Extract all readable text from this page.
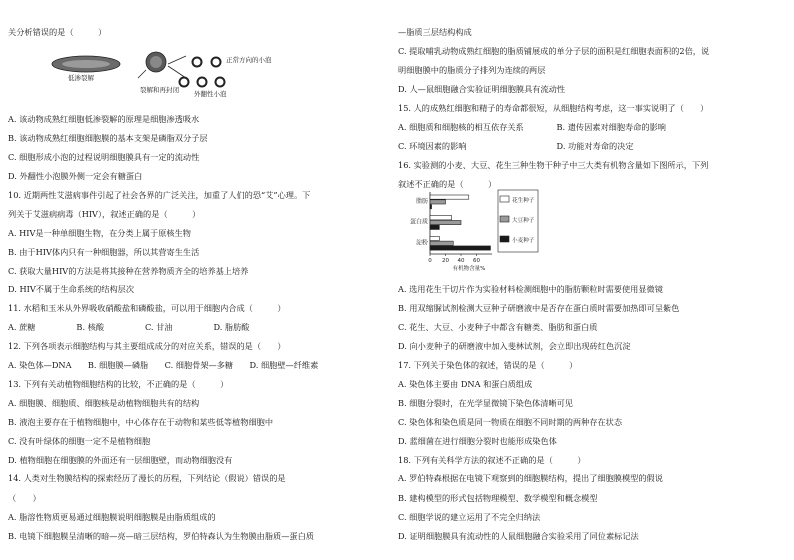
关分析错误的是（　　　）
A. 该动物成熟红细胞低渗裂解的原理是细胞渗透吸水
B. 该动物成熟红细胞细胞膜的基本支架是磷脂双分子层
C. 细胞形成小泡的过程说明细胞膜具有一定的流动性
D. 外翻性小泡膜外侧一定会有糖蛋白
10. 近期两性艾滋病事件引起了社会各界的广泛关注，加重了人们的恐“艾”心理。下
列关于艾滋病病毒（HIV），叙述正确的是（　　　）
A. HIV是一种单细胞生物，在分类上属于原核生物
B. 由于HIV体内只有一种细胞器，所以其营寄生生活
C. 获取大量HIV的方法是将其接种在营养物质齐全的培养基上培养
D. HIV不属于生命系统的结构层次
11. 水稻和玉米从外界吸收硝酸盐和磷酸盐，可以用于细胞内合成（　　　）
A. 蔗糖　　　　　B. 核酸　　　　　C. 甘油　　　　　D. 脂肪酸
12. 下列各项表示细胞结构与其主要组成成分的对应关系，错误的是（　　）
A. 染色体—DNA　　B. 细胞膜—磷脂　　C. 细胞骨架—多糖　　D. 细胞壁—纤维素
13. 下列有关动植物细胞结构的比较，不正确的是（　　　）
A. 细胞膜、细胞质、细胞核是动植物细胞共有的结构
B. 液泡主要存在于植物细胞中，中心体存在于动物和某些低等植物细胞中
C. 没有叶绿体的细胞一定不是植物细胞
D. 植物细胞在细胞膜的外面还有一层细胞壁，而动物细胞没有
14. 人类对生物膜结构的探索经历了漫长的历程，下列结论（假说）错误的是
（　　）
A. 脂溶性物质更易通过细胞膜说明细胞膜是由脂质组成的
B. 电镜下细胞膜呈清晰的暗—亮—暗三层结构，罗伯特森认为生物膜由脂质—蛋白质
低渗裂解
正常方向的小泡
裂解和再封闭 外翻性小泡
—脂质三层结构构成
C. 提取哺乳动物成熟红细胞的脂质铺展成的单分子层的面积是红细胞表面积的2倍，说
明细胞膜中的脂质分子排列为连续的两层
D. 人—鼠细胞融合实验证明细胞膜具有流动性
15. 人的成熟红细胞和精子的寿命都很短，从细胞结构考虑，这一事实说明了（　　）
A. 细胞质和细胞核的相互依存关系　　　　B. 遗传因素对细胞寿命的影响
C. 环境因素的影响　　　　　　　　　　　D. 功能对寿命的决定
16. 实验测的小麦、大豆、花生三种生物干种子中三大类有机物含量如下图所示，下列
叙述不正确的是（　　　）
脂肪
蛋白质
淀粉
0 20 40 60
有机物含量%
花生种子
大豆种子
小麦种子
A. 选用花生干切片作为实验材料检测细胞中的脂肪颗粒时需要使用显微镜
B. 用双缩脲试剂检测大豆种子研磨液中是否存在蛋白质时需要加热即可呈紫色
C. 花生、大豆、小麦种子中都含有糖类、脂肪和蛋白质
D. 向小麦种子的研磨液中加入斐林试剂，会立即出现砖红色沉淀
17. 下列关于染色体的叙述，错误的是（　　　）
A. 染色体主要由 DNA 和蛋白质组成
B. 细胞分裂时，在光学显微镜下染色体清晰可见
C. 染色体和染色质是同一物质在细胞不同时期的两种存在状态
D. 蓝细菌在进行细胞分裂时也能形成染色体
18. 下列有关科学方法的叙述不正确的是（　　　）
A. 罗伯特森根据在电镜下观察到的细胞膜结构，提出了细胞膜模型的假说
B. 建构模型的形式包括物理模型、数学模型和概念模型
C. 细胞学说的建立运用了不完全归纳法
D. 证明细胞膜具有流动性的人鼠细胞融合实验采用了同位素标记法
